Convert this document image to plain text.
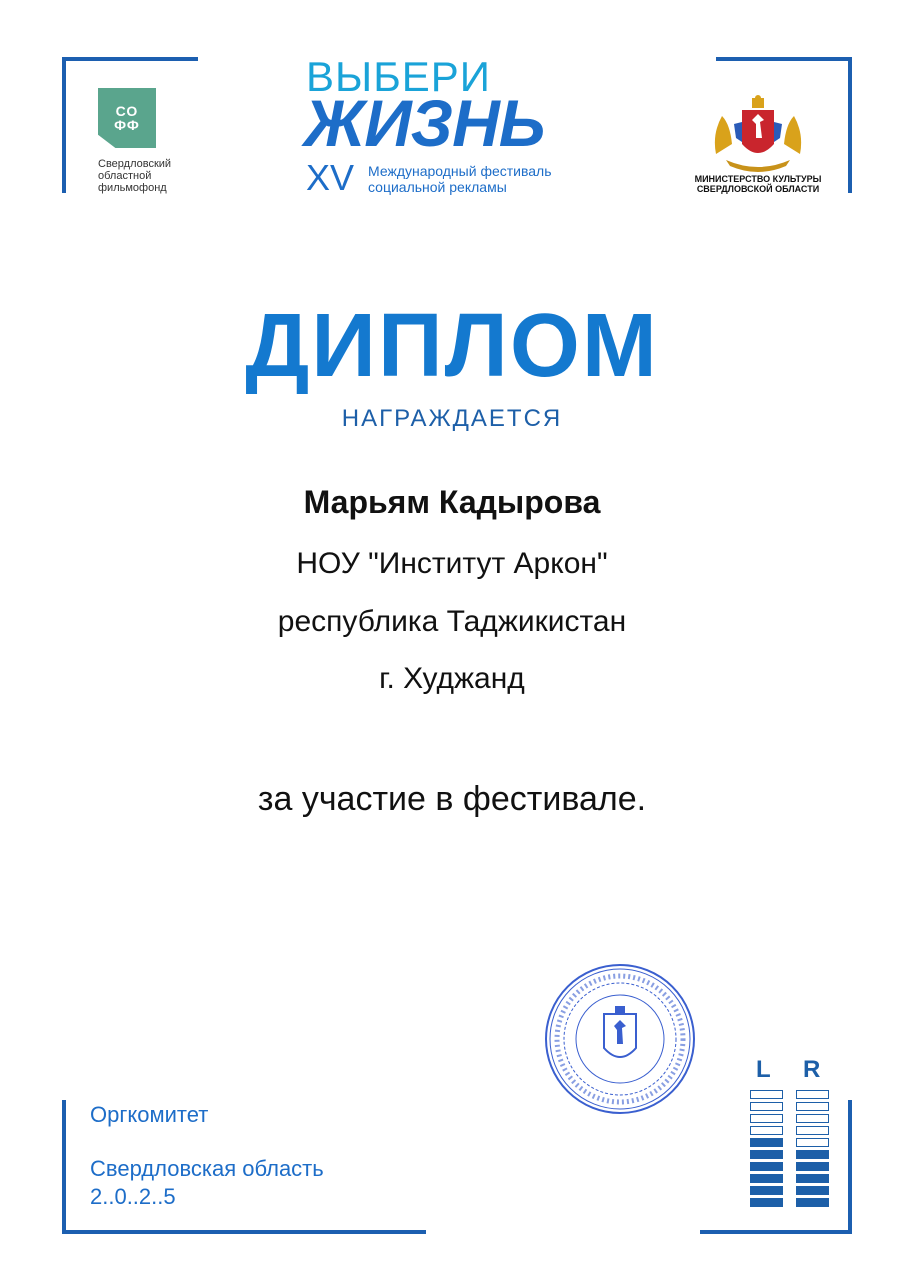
СО
ФФ
Свердловский
областной
фильмофонд
ВЫБЕРИ
ЖИЗНЬ
XV Международный фестиваль
социальной рекламы	МИНИСТЕРСТВО КУЛЬТУРЫ
СВЕРДЛОВСКОЙ ОБЛАСТИ
ДИПЛОМ
НАГРАЖДАЕТСЯ
Марьям Кадырова
НОУ "Институт Аркон"
республика Таджикистан
г. Худжанд
за участие в фестивале.
Оргкомитет
Свердловская область
2..0..2..5
L R
